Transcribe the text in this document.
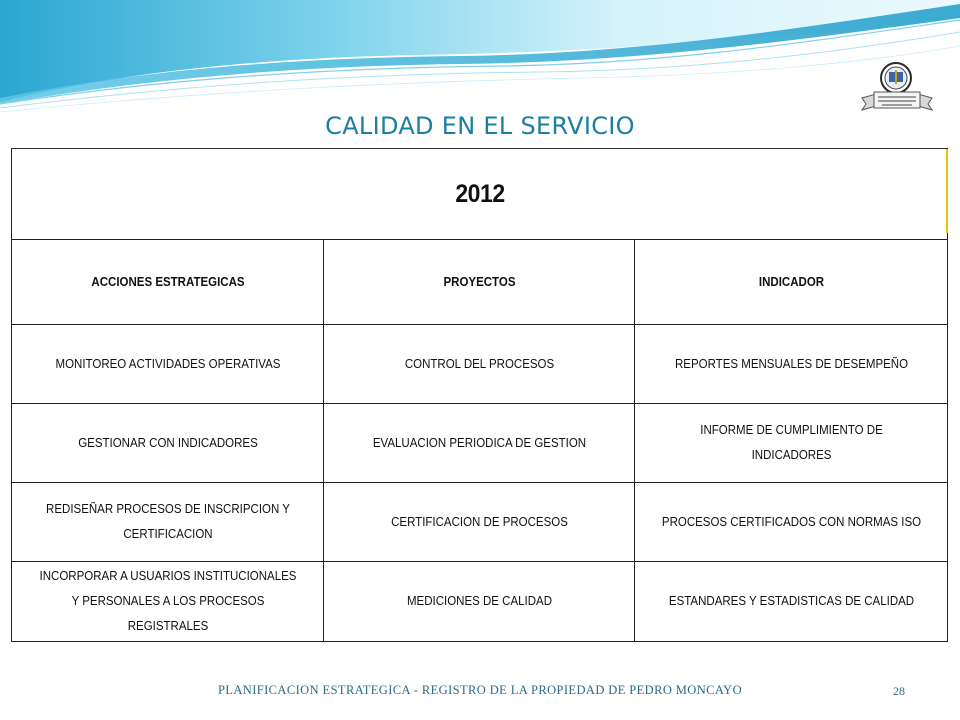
CALIDAD EN EL SERVICIO
2012		
ACCIONES ESTRATEGICAS	PROYECTOS	INDICADOR
MONITOREO ACTIVIDADES OPERATIVAS	CONTROL DEL PROCESOS	REPORTES MENSUALES DE DESEMPEÑO
GESTIONAR CON INDICADORES	EVALUACION PERIODICA DE GESTION	INFORME DE CUMPLIMIENTO DE INDICADORES
REDISEÑAR PROCESOS DE INSCRIPCION Y CERTIFICACION	CERTIFICACION DE PROCESOS	PROCESOS CERTIFICADOS CON NORMAS ISO
INCORPORAR A USUARIOS INSTITUCIONALES Y PERSONALES A LOS PROCESOS REGISTRALES	MEDICIONES DE CALIDAD	ESTANDARES Y ESTADISTICAS DE CALIDAD
PLANIFICACION ESTRATEGICA - REGISTRO DE LA PROPIEDAD DE PEDRO MONCAYO	28
